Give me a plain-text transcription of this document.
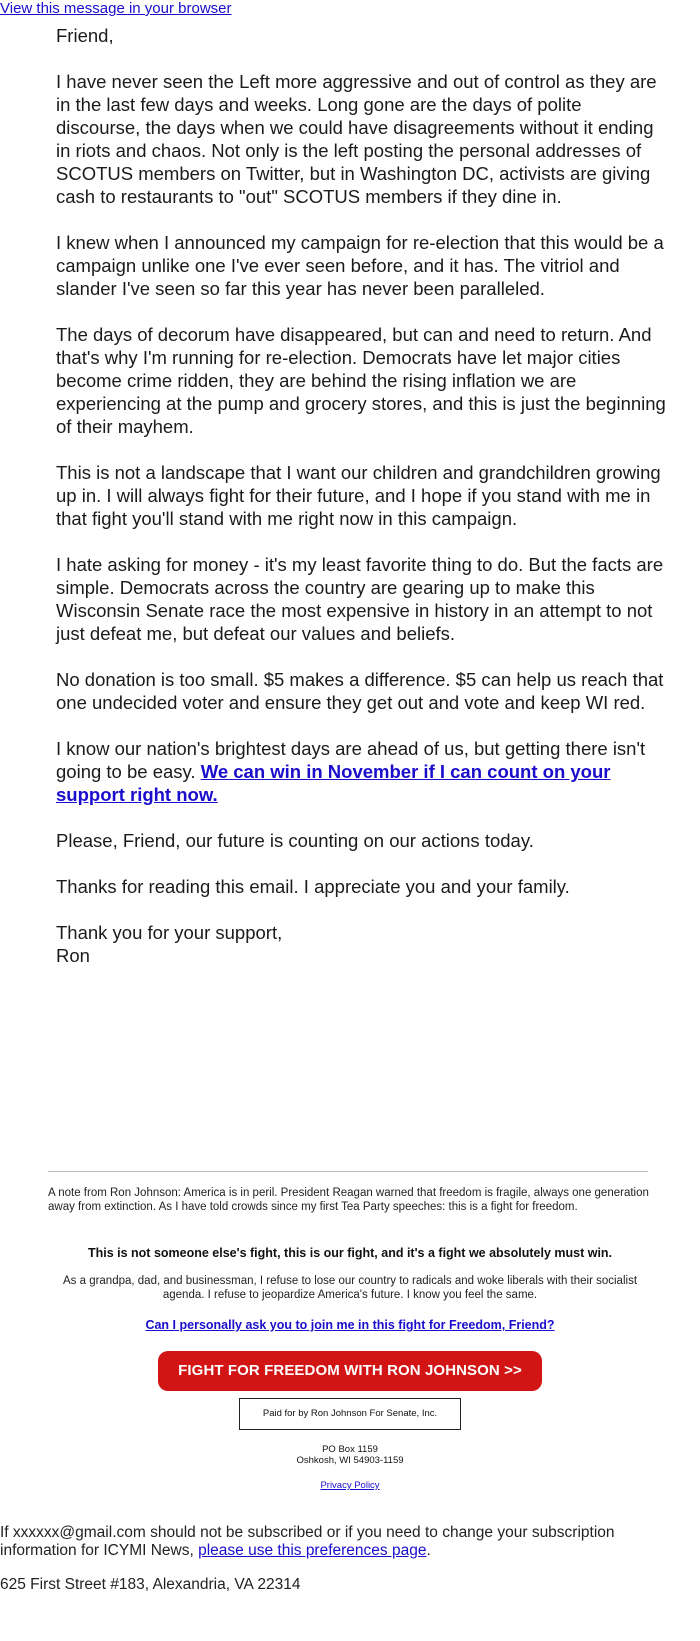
View this message in your browser

Friend,

I have never seen the Left more aggressive and out of control as they are in the last few days and weeks. Long gone are the days of polite discourse, the days when we could have disagreements without it ending in riots and chaos. Not only is the left posting the personal addresses of SCOTUS members on Twitter, but in Washington DC, activists are giving cash to restaurants to "out" SCOTUS members if they dine in.

I knew when I announced my campaign for re-election that this would be a campaign unlike one I've ever seen before, and it has. The vitriol and slander I've seen so far this year has never been paralleled.

The days of decorum have disappeared, but can and need to return. And that's why I'm running for re-election. Democrats have let major cities become crime ridden, they are behind the rising inflation we are experiencing at the pump and grocery stores, and this is just the beginning of their mayhem.

This is not a landscape that I want our children and grandchildren growing up in. I will always fight for their future, and I hope if you stand with me in that fight you'll stand with me right now in this campaign.

I hate asking for money - it's my least favorite thing to do. But the facts are simple. Democrats across the country are gearing up to make this Wisconsin Senate race the most expensive in history in an attempt to not just defeat me, but defeat our values and beliefs.

No donation is too small. $5 makes a difference. $5 can help us reach that one undecided voter and ensure they get out and vote and keep WI red.

I know our nation's brightest days are ahead of us, but getting there isn't going to be easy. We can win in November if I can count on your support right now.

Please, Friend, our future is counting on our actions today.

Thanks for reading this email. I appreciate you and your family.

Thank you for your support,

Ron

A note from Ron Johnson: America is in peril. President Reagan warned that freedom is fragile, always one generation away from extinction. As I have told crowds since my first Tea Party speeches: this is a fight for freedom.
This is not someone else's fight, this is our fight, and it's a fight we absolutely must win.
As a grandpa, dad, and businessman, I refuse to lose our country to radicals and woke liberals with their socialist agenda. I refuse to jeopardize America's future. I know you feel the same.
Can I personally ask you to join me in this fight for Freedom, Friend?
FIGHT FOR FREEDOM WITH RON JOHNSON >>
Paid for by Ron Johnson For Senate, Inc.
PO Box 1159
Oshkosh, WI 54903-1159
Privacy Policy
If xxxxxx@gmail.com should not be subscribed or if you need to change your subscription information for ICYMI News, please use this preferences page.
625 First Street #183, Alexandria, VA 22314
